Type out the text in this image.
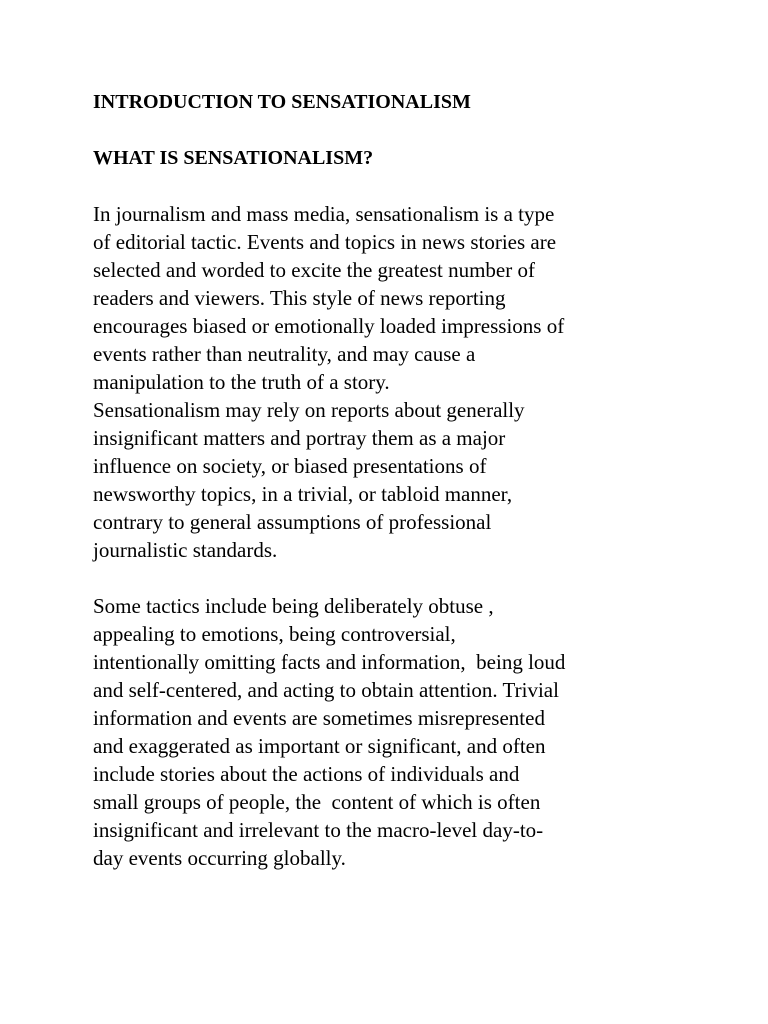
INTRODUCTION TO SENSATIONALISM
WHAT IS SENSATIONALISM?

In journalism and mass media, sensationalism is a type

of editorial tactic. Events and topics in news stories are

selected and worded to excite the greatest number of

readers and viewers. This style of news reporting

encourages biased or emotionally loaded impressions of

events rather than neutrality, and may cause a

manipulation to the truth of a story.

Sensationalism may rely on reports about generally

insignificant matters and portray them as a major

influence on society, or biased presentations of

newsworthy topics, in a trivial, or tabloid manner,

contrary to general assumptions of professional

journalistic standards.

Some tactics include being deliberately obtuse ,

appealing to emotions, being controversial,

intentionally omitting facts and information,  being loud

and self-centered, and acting to obtain attention. Trivial

information and events are sometimes misrepresented

and exaggerated as important or significant, and often

include stories about the actions of individuals and

small groups of people, the  content of which is often

insignificant and irrelevant to the macro-level day-to-

day events occurring globally.
